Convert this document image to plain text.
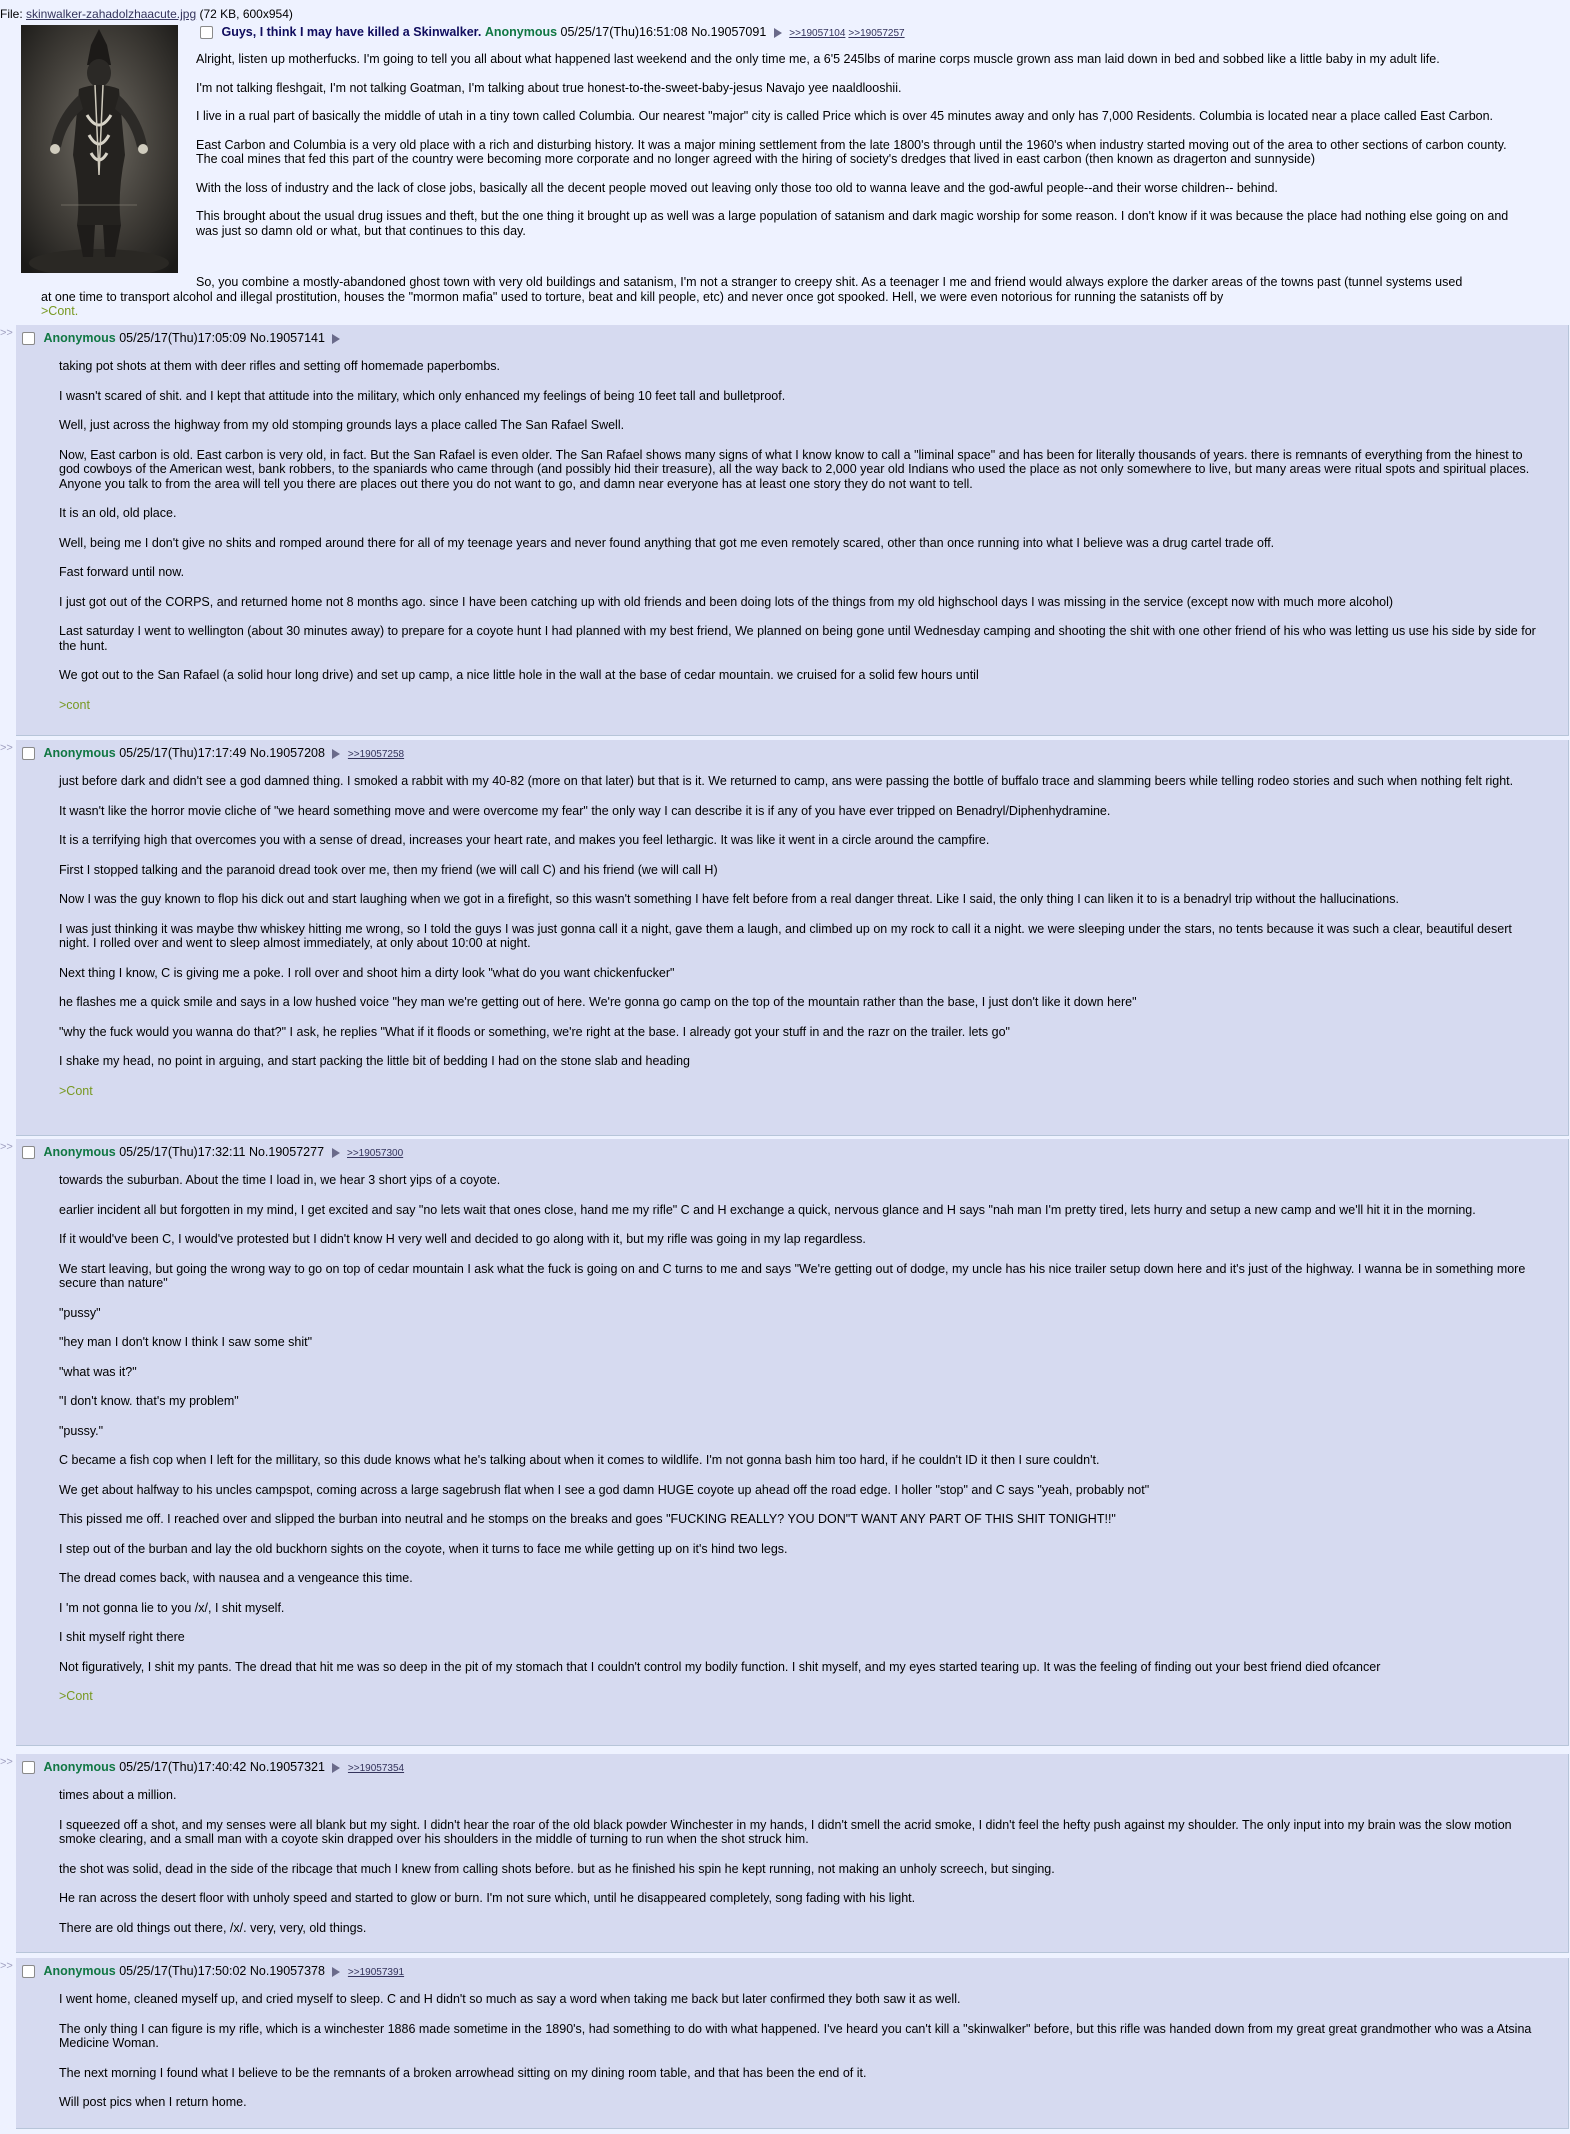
File: skinwalker-zahadolzhaacute.jpg (72 KB, 600x954)
Guys, I think I may have killed a Skinwalker. Anonymous 05/25/17(Thu)16:51:08 No.19057091 >>19057104 >>19057257

Alright, listen up motherfucks. I'm going to tell you all about what happened last weekend and the only time me, a 6'5 245lbs of marine corps muscle grown ass man laid down in bed and sobbed like a little baby in my adult life.

I'm not talking fleshgait, I'm not talking Goatman, I'm talking about true honest-to-the-sweet-baby-jesus Navajo yee naaldlooshii.

I live in a rual part of basically the middle of utah in a tiny town called Columbia. Our nearest "major" city is called Price which is over 45 minutes away and only has 7,000 Residents. Columbia is located near a place called East Carbon.

East Carbon and Columbia is a very old place with a rich and disturbing history. It was a major mining settlement from the late 1800's through until the 1960's when industry started moving out of the area to other sections of carbon county. The coal mines that fed this part of the country were becoming more corporate and no longer agreed with the hiring of society's dredges that lived in east carbon (then known as dragerton and sunnyside)

With the loss of industry and the lack of close jobs, basically all the decent people moved out leaving only those too old to wanna leave and the god-awful people--and their worse children-- behind.

This brought about the usual drug issues and theft, but the one thing it brought up as well was a large population of satanism and dark magic worship for some reason. I don't know if it was because the place had nothing else going on and was just so damn old or what, but that continues to this day.

So, you combine a mostly-abandoned ghost town with very old buildings and satanism, I'm not a stranger to creepy shit. As a teenager I me and friend would always explore the darker areas of the towns past (tunnel systems used

at one time to transport alcohol and illegal prostitution, houses the "mormon mafia" used to torture, beat and kill people, etc) and never once got spooked. Hell, we were even notorious for running the satanists off by

>Cont.

>>	Anonymous 05/25/17(Thu)17:05:09 No.19057141

taking pot shots at them with deer rifles and setting off homemade paperbombs.

I wasn't scared of shit. and I kept that attitude into the military, which only enhanced my feelings of being 10 feet tall and bulletproof.

Well, just across the highway from my old stomping grounds lays a place called The San Rafael Swell.

Now, East carbon is old. East carbon is very old, in fact. But the San Rafael is even older. The San Rafael shows many signs of what I know know to call a "liminal space" and has been for literally thousands of years. there is remnants of everything from the hinest to god cowboys of the American west, bank robbers, to the spaniards who came through (and possibly hid their treasure), all the way back to 2,000 year old Indians who used the place as not only somewhere to live, but many areas were ritual spots and spiritual places. Anyone you talk to from the area will tell you there are places out there you do not want to go, and damn near everyone has at least one story they do not want to tell.

It is an old, old place.

Well, being me I don't give no shits and romped around there for all of my teenage years and never found anything that got me even remotely scared, other than once running into what I believe was a drug cartel trade off.

Fast forward until now.

I just got out of the CORPS, and returned home not 8 months ago. since I have been catching up with old friends and been doing lots of the things from my old highschool days I was missing in the service (except now with much more alcohol)

Last saturday I went to wellington (about 30 minutes away) to prepare for a coyote hunt I had planned with my best friend, We planned on being gone until Wednesday camping and shooting the shit with one other friend of his who was letting us use his side by side for the hunt.

We got out to the San Rafael (a solid hour long drive) and set up camp, a nice little hole in the wall at the base of cedar mountain. we cruised for a solid few hours until

>cont

>>	Anonymous 05/25/17(Thu)17:17:49 No.19057208 >>19057258

just before dark and didn't see a god damned thing. I smoked a rabbit with my 40-82 (more on that later) but that is it. We returned to camp, ans were passing the bottle of buffalo trace and slamming beers while telling rodeo stories and such when nothing felt right.

It wasn't like the horror movie cliche of "we heard something move and were overcome my fear" the only way I can describe it is if any of you have ever tripped on Benadryl/Diphenhydramine.

It is a terrifying high that overcomes you with a sense of dread, increases your heart rate, and makes you feel lethargic. It was like it went in a circle around the campfire.

First I stopped talking and the paranoid dread took over me, then my friend (we will call C) and his friend (we will call H)

Now I was the guy known to flop his dick out and start laughing when we got in a firefight, so this wasn't something I have felt before from a real danger threat. Like I said, the only thing I can liken it to is a benadryl trip without the hallucinations.

I was just thinking it was maybe thw whiskey hitting me wrong, so I told the guys I was just gonna call it a night, gave them a laugh, and climbed up on my rock to call it a night. we were sleeping under the stars, no tents because it was such a clear, beautiful desert night. I rolled over and went to sleep almost immediately, at only about 10:00 at night.

Next thing I know, C is giving me a poke. I roll over and shoot him a dirty look "what do you want chickenfucker"

he flashes me a quick smile and says in a low hushed voice "hey man we're getting out of here. We're gonna go camp on the top of the mountain rather than the base, I just don't like it down here"

"why the fuck would you wanna do that?" I ask, he replies "What if it floods or something, we're right at the base. I already got your stuff in and the razr on the trailer. lets go"

I shake my head, no point in arguing, and start packing the little bit of bedding I had on the stone slab and heading

>Cont

>>	Anonymous 05/25/17(Thu)17:32:11 No.19057277 >>19057300

towards the suburban. About the time I load in, we hear 3 short yips of a coyote.

earlier incident all but forgotten in my mind, I get excited and say "no lets wait that ones close, hand me my rifle" C and H exchange a quick, nervous glance and H says "nah man I'm pretty tired, lets hurry and setup a new camp and we'll hit it in the morning.

If it would've been C, I would've protested but I didn't know H very well and decided to go along with it, but my rifle was going in my lap regardless.

We start leaving, but going the wrong way to go on top of cedar mountain I ask what the fuck is going on and C turns to me and says "We're getting out of dodge, my uncle has his nice trailer setup down here and it's just of the highway. I wanna be in something more secure than nature"

"pussy"

"hey man I don't know I think I saw some shit"

"what was it?"

"I don't know. that's my problem"

"pussy."

C became a fish cop when I left for the millitary, so this dude knows what he's talking about when it comes to wildlife. I'm not gonna bash him too hard, if he couldn't ID it then I sure couldn't.

We get about halfway to his uncles campspot, coming across a large sagebrush flat when I see a god damn HUGE coyote up ahead off the road edge. I holler "stop" and C says "yeah, probably not"

This pissed me off. I reached over and slipped the burban into neutral and he stomps on the breaks and goes "FUCKING REALLY? YOU DON"T WANT ANY PART OF THIS SHIT TONIGHT!!"

I step out of the burban and lay the old buckhorn sights on the coyote, when it turns to face me while getting up on it's hind two legs.

The dread comes back, with nausea and a vengeance this time.

I 'm not gonna lie to you /x/, I shit myself.

I shit myself right there

Not figuratively, I shit my pants. The dread that hit me was so deep in the pit of my stomach that I couldn't control my bodily function. I shit myself, and my eyes started tearing up. It was the feeling of finding out your best friend died ofcancer

>Cont

>>	Anonymous 05/25/17(Thu)17:40:42 No.19057321 >>19057354

times about a million.

I squeezed off a shot, and my senses were all blank but my sight. I didn't hear the roar of the old black powder Winchester in my hands, I didn't smell the acrid smoke, I didn't feel the hefty push against my shoulder. The only input into my brain was the slow motion smoke clearing, and a small man with a coyote skin drapped over his shoulders in the middle of turning to run when the shot struck him.

the shot was solid, dead in the side of the ribcage that much I knew from calling shots before. but as he finished his spin he kept running, not making an unholy screech, but singing.

He ran across the desert floor with unholy speed and started to glow or burn. I'm not sure which, until he disappeared completely, song fading with his light.

There are old things out there, /x/. very, very, old things.

>>	Anonymous 05/25/17(Thu)17:50:02 No.19057378 >>19057391

I went home, cleaned myself up, and cried myself to sleep. C and H didn't so much as say a word when taking me back but later confirmed they both saw it as well.

The only thing I can figure is my rifle, which is a winchester 1886 made sometime in the 1890's, had something to do with what happened. I've heard you can't kill a "skinwalker" before, but this rifle was handed down from my great great grandmother who was a Atsina Medicine Woman.

The next morning I found what I believe to be the remnants of a broken arrowhead sitting on my dining room table, and that has been the end of it.

Will post pics when I return home.
